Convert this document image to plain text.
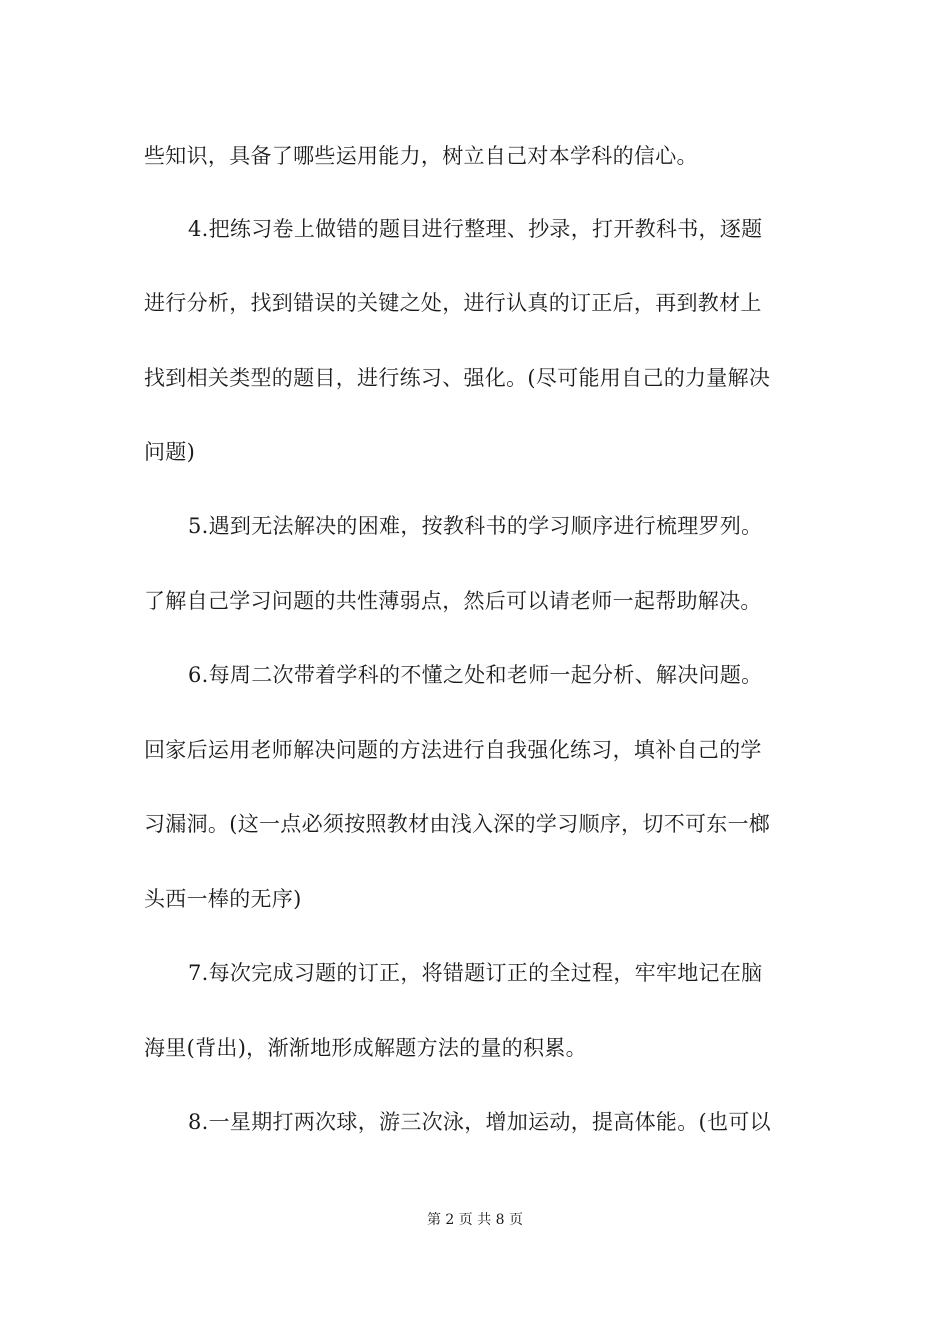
些知识，具备了哪些运用能力，树立自己对本学科的信心。
4.把练习卷上做错的题目进行整理、抄录，打开教科书，逐题
进行分析，找到错误的关键之处，进行认真的订正后，再到教材上
找到相关类型的题目，进行练习、强化。(尽可能用自己的力量解决
问题)
5.遇到无法解决的困难，按教科书的学习顺序进行梳理罗列。
了解自己学习问题的共性薄弱点，然后可以请老师一起帮助解决。
6.每周二次带着学科的不懂之处和老师一起分析、解决问题。
回家后运用老师解决问题的方法进行自我强化练习，填补自己的学
习漏洞。(这一点必须按照教材由浅入深的学习顺序，切不可东一榔
头西一棒的无序)
7.每次完成习题的订正，将错题订正的全过程，牢牢地记在脑
海里(背出)，渐渐地形成解题方法的量的积累。
8.一星期打两次球，游三次泳，增加运动，提高体能。(也可以
第 2 页 共 8 页
